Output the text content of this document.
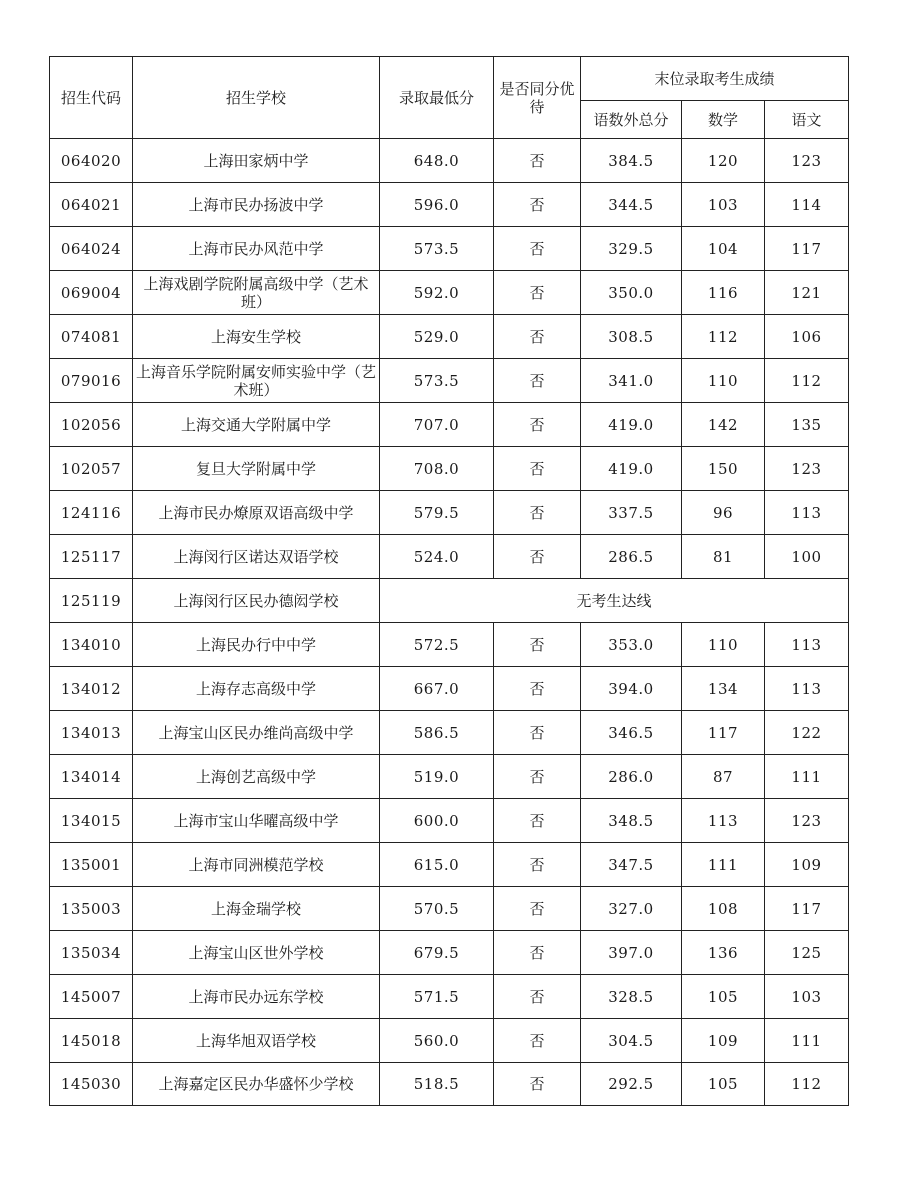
招生代码	招生学校	录取最低分	是否同分优待	末位录取考生成绩		
				语数外总分	数学	语文
064020	上海田家炳中学	648.0	否	384.5	120	123
064021	上海市民办扬波中学	596.0	否	344.5	103	114
064024	上海市民办风范中学	573.5	否	329.5	104	117
069004	上海戏剧学院附属高级中学（艺术班）	592.0	否	350.0	116	121
074081	上海安生学校	529.0	否	308.5	112	106
079016	上海音乐学院附属安师实验中学（艺术班）	573.5	否	341.0	110	112
102056	上海交通大学附属中学	707.0	否	419.0	142	135
102057	复旦大学附属中学	708.0	否	419.0	150	123
124116	上海市民办燎原双语高级中学	579.5	否	337.5	96	113
125117	上海闵行区诺达双语学校	524.0	否	286.5	81	100
125119	上海闵行区民办德闳学校	无考生达线				
134010	上海民办行中中学	572.5	否	353.0	110	113
134012	上海存志高级中学	667.0	否	394.0	134	113
134013	上海宝山区民办维尚高级中学	586.5	否	346.5	117	122
134014	上海创艺高级中学	519.0	否	286.0	87	111
134015	上海市宝山华曜高级中学	600.0	否	348.5	113	123
135001	上海市同洲模范学校	615.0	否	347.5	111	109
135003	上海金瑞学校	570.5	否	327.0	108	117
135034	上海宝山区世外学校	679.5	否	397.0	136	125
145007	上海市民办远东学校	571.5	否	328.5	105	103
145018	上海华旭双语学校	560.0	否	304.5	109	111
145030	上海嘉定区民办华盛怀少学校	518.5	否	292.5	105	112
